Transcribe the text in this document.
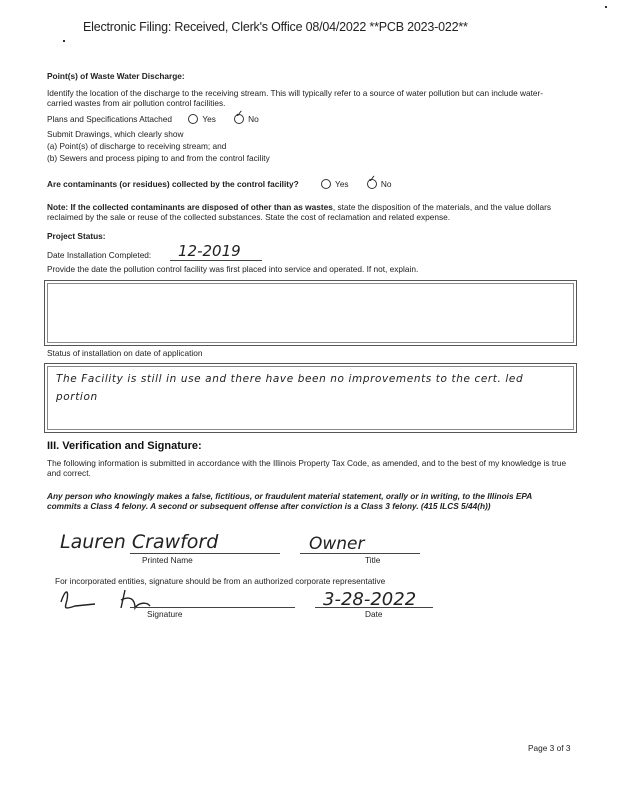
Electronic Filing: Received, Clerk's Office 08/04/2022 **PCB 2023-022**
Point(s) of Waste Water Discharge:
Identify the location of the discharge to the receiving stream. This will typically refer to a source of water pollution but can include water-carried wastes from air pollution control facilities.
Plans and Specifications Attached	Yes ✓	No
Submit Drawings, which clearly show
(a) Point(s) of discharge to receiving stream; and
(b) Sewers and process piping to and from the control facility
Are contaminants (or residues) collected by the control facility?	Yes ✓	No
Note: If the collected contaminants are disposed of other than as wastes, state the disposition of the materials, and the value dollars reclaimed by the sale or reuse of the collected substances. State the cost of reclamation and related expense.
Project Status:
Date Installation Completed: 12-2019
Provide the date the pollution control facility was first placed into service and operated. If not, explain.
Status of installation on date of application
The Facility is still in use and there have been no improvements to the cert. led portion
III. Verification and Signature:
The following information is submitted in accordance with the Illinois Property Tax Code, as amended, and to the best of my knowledge is true and correct.
Any person who knowingly makes a false, fictitious, or fraudulent material statement, orally or in writing, to the Illinois EPA commits a Class 4 felony. A second or subsequent offense after conviction is a Class 3 felony. (415 ILCS 5/44(h))
Lauren Crawford
Printed Name
Owner
Title
For incorporated entities, signature should be from an authorized corporate representative
Signature
3-28-2022
Date
Page 3 of 3
